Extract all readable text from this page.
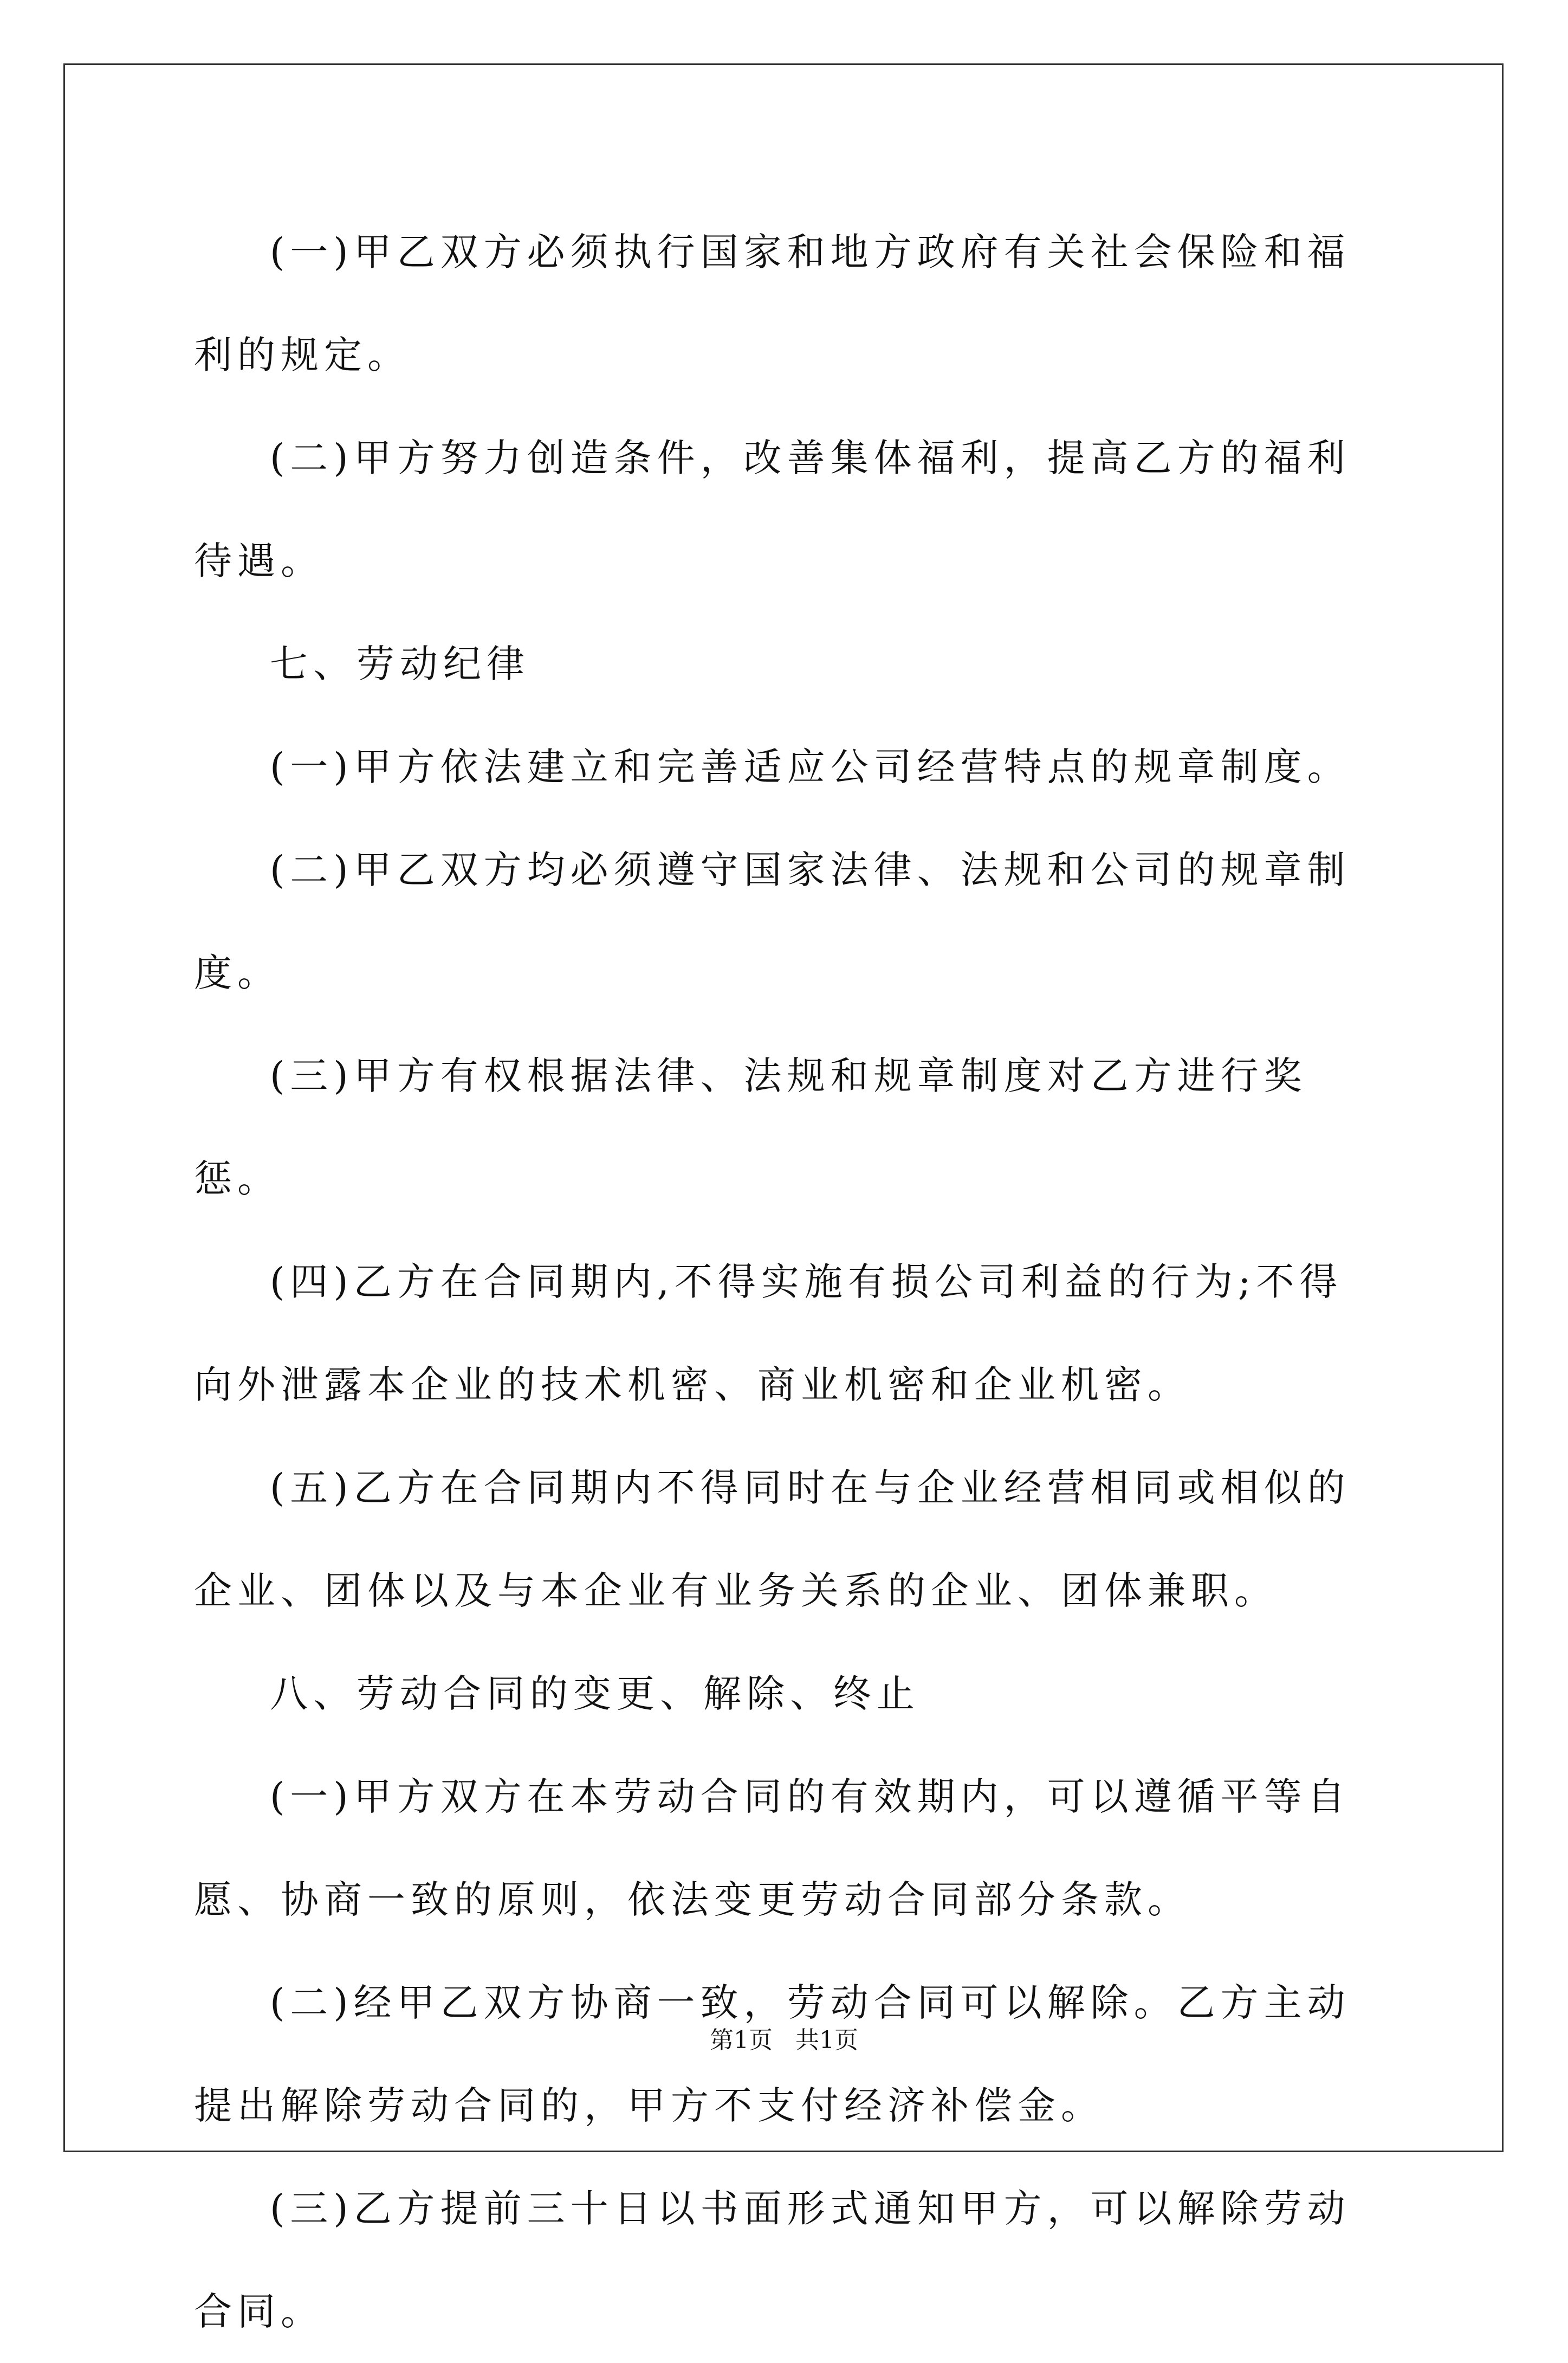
(一)甲乙双方必须执行国家和地方政府有关社会保险和福利的规定。

(二)甲方努力创造条件，改善集体福利，提高乙方的福利待遇。

七、劳动纪律

(一)甲方依法建立和完善适应公司经营特点的规章制度。

(二)甲乙双方均必须遵守国家法律、法规和公司的规章制度。

(三)甲方有权根据法律、法规和规章制度对乙方进行奖惩。

(四)乙方在合同期内,不得实施有损公司利益的行为;不得向外泄露本企业的技术机密、商业机密和企业机密。

(五)乙方在合同期内不得同时在与企业经营相同或相似的企业、团体以及与本企业有业务关系的企业、团体兼职。

八、劳动合同的变更、解除、终止

(一)甲方双方在本劳动合同的有效期内，可以遵循平等自愿、协商一致的原则，依法变更劳动合同部分条款。

(二)经甲乙双方协商一致，劳动合同可以解除。乙方主动提出解除劳动合同的，甲方不支付经济补偿金。

(三)乙方提前三十日以书面形式通知甲方，可以解除劳动合同。

第1页 共1页
